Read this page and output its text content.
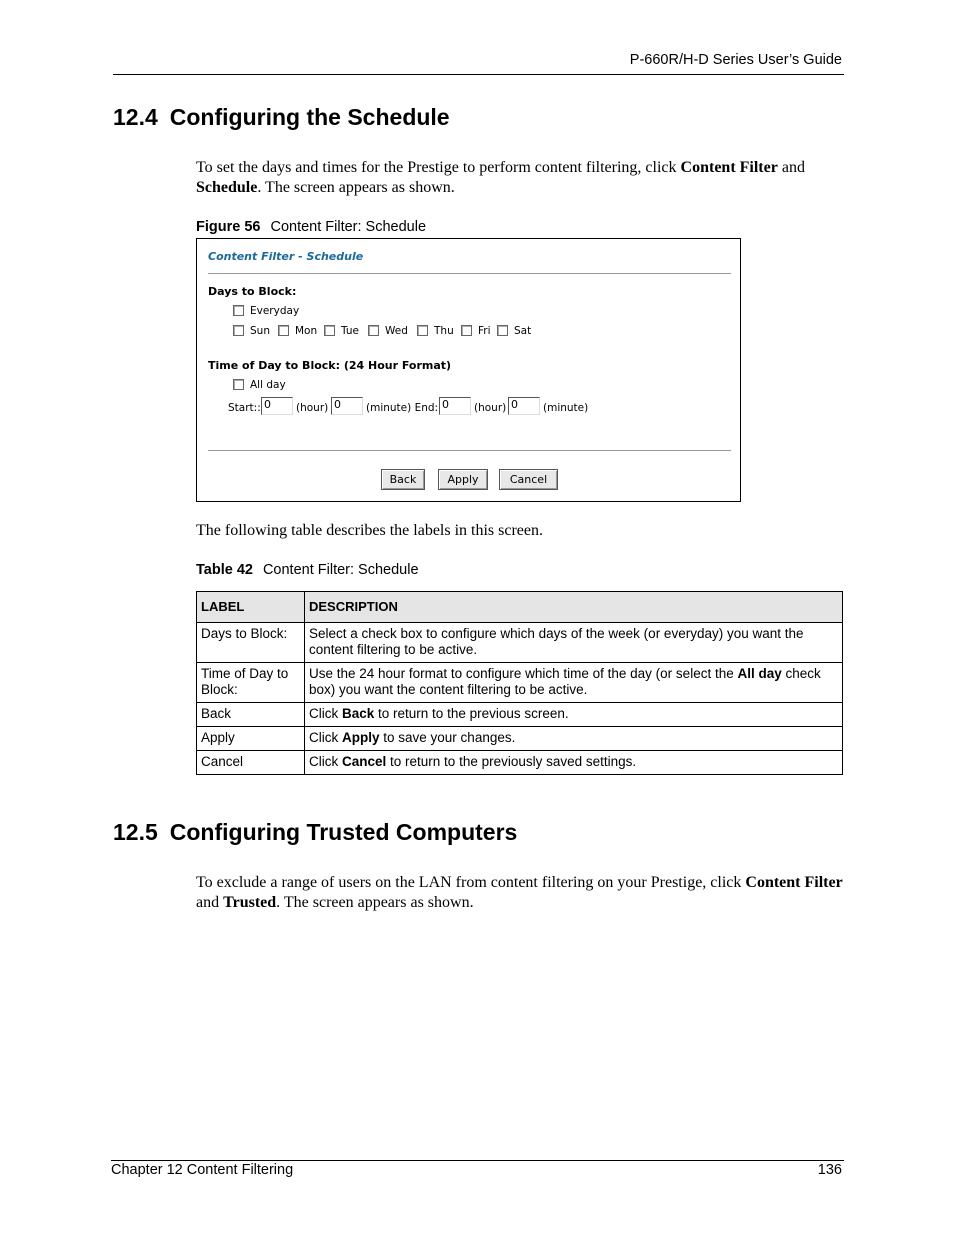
P-660R/H-D Series User’s Guide
12.4 Configuring the Schedule

To set the days and times for the Prestige to perform content filtering, click Content Filter and Schedule. The screen appears as shown.

Figure 56 Content Filter: Schedule
Content Filter - Schedule
Days to Block:
Everyday
Sun Mon Tue Wed Thu Fri Sat
Time of Day to Block: (24 Hour Format)
All day
Start:: 0	(hour) 0	(minute) End: 0	(hour) 0	(minute)
Back	Apply	Cancel

The following table describes the labels in this screen.

Table 42 Content Filter: Schedule
LABEL	DESCRIPTION
Days to Block:	Select a check box to configure which days of the week (or everyday) you want the content filtering to be active.
Time of Day to Block:	Use the 24 hour format to configure which time of the day (or select the All day check box) you want the content filtering to be active.
Back	Click Back to return to the previous screen.
Apply	Click Apply to save your changes.
Cancel	Click Cancel to return to the previously saved settings.
12.5 Configuring Trusted Computers

To exclude a range of users on the LAN from content filtering on your Prestige, click Content Filter and Trusted. The screen appears as shown.

Chapter 12 Content Filtering	136
